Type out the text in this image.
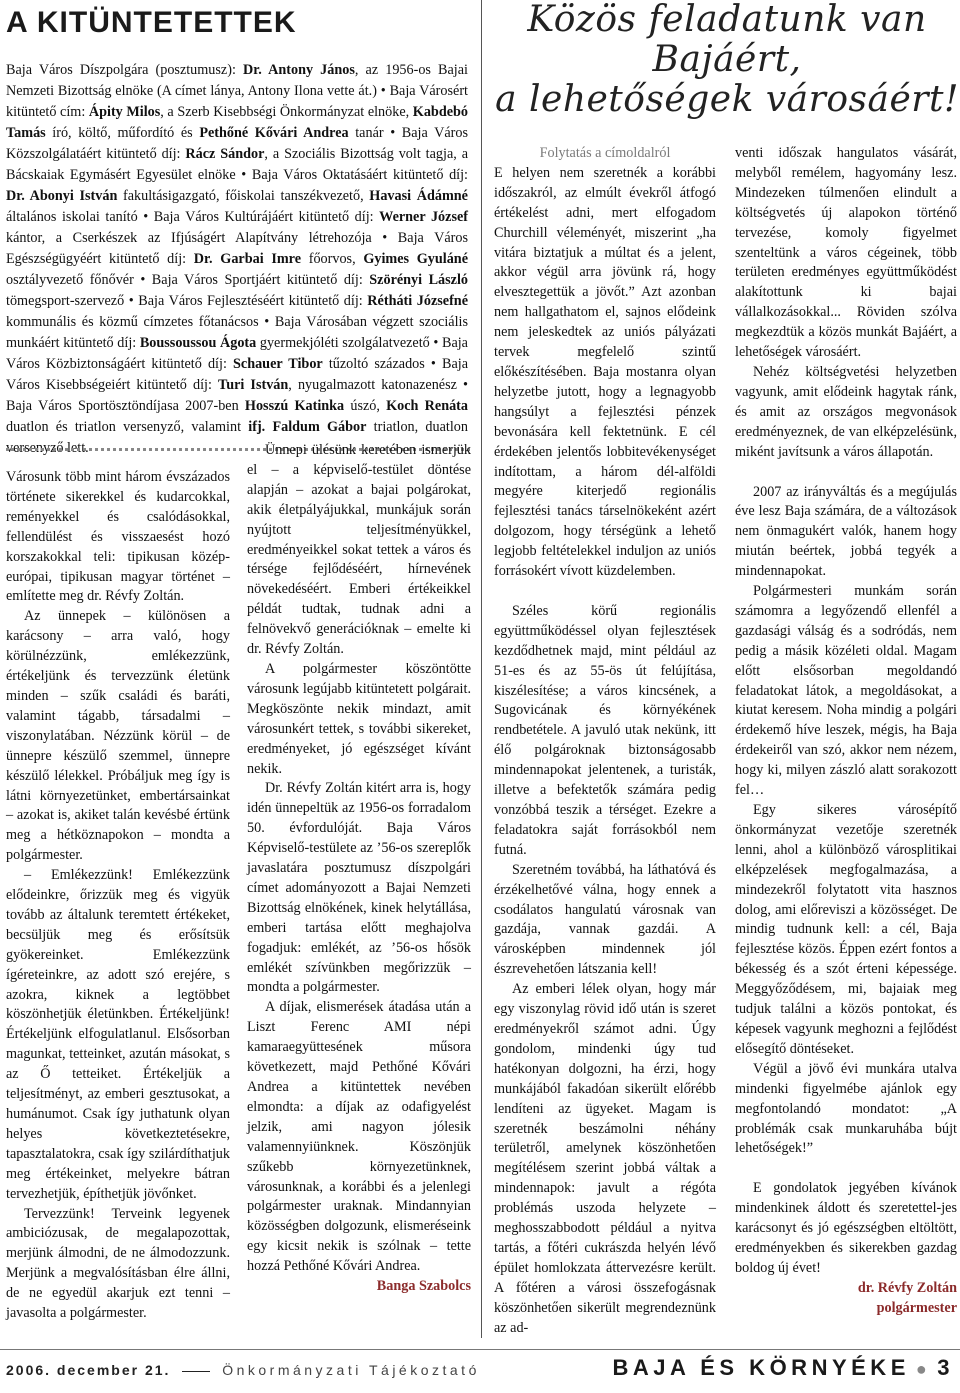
A KITÜNTETETTEK
Baja Város Díszpolgára (posztumusz): Dr. Antony János, az 1956-os Bajai Nemzeti Bizottság elnöke (A címet lánya, Antony Ilona vette át.) • Baja Városért kitüntető cím: Ápity Milos, a Szerb Kisebbségi Önkormányzat elnöke, Kabdebó Tamás író, költő, műfordító és Pethőné Kővári Andrea tanár • Baja Város Közszolgálatáért kitüntető díj: Rácz Sándor, a Szociális Bizottság volt tagja, a Bácskaiak Egymásért Egyesület elnöke • Baja Város Oktatásáért kitüntető díj: Dr. Abonyi István fakultásigazgató, főiskolai tanszékvezető, Havasi Ádámné általános iskolai tanító • Baja Város Kultúrájáért kitüntető díj: Werner József kántor, a Cserkészek az Ifjúságért Alapítvány létrehozója • Baja Város Egészségügyéért kitüntető díj: Dr. Garbai Imre főorvos, Gyimes Gyuláné osztályvezető főnővér • Baja Város Sportjáért kitüntető díj: Szörényi László tömegsport-szervező • Baja Város Fejlesztéséért kitüntető díj: Rétháti Józsefné kommunális és közmű címzetes főtanácsos • Baja Városában végzett szociális munkáért kitüntető díj: Boussoussou Ágota gyermekjóléti szolgálatvezető • Baja Város Közbiztonságáért kitüntető díj: Schauer Tibor tűzoltó százados • Baja Város Kisebbségeiért kitüntető díj: Turi István, nyugalmazott katonazenész • Baja Város Sportösztöndíjasa 2007-ben Hosszú Katinka úszó, Koch Renáta duatlon és triatlon versenyző, valamint ifj. Faldum Gábor triatlon, duatlon versenyző lett.

Városunk több mint három évszázados története sikerekkel és kudarcokkal, reményekkel és csalódásokkal, fellendülést és visszaesést hozó korszakokkal teli: tipikusan közép-európai, tipikusan magyar történet – említette meg dr. Révfy Zoltán.

Az ünnepek – különösen a karácsony – arra való, hogy körülnézzünk, emlékezzünk, értékeljünk és tervezzünk életünk minden – szűk családi és baráti, valamint tágabb, társadalmi – viszonylatában. Nézzünk körül – de ünnepre készülő szemmel, ünnepre készülő lélekkel. Próbáljuk meg így is látni környezetünket, embertársainkat – azokat is, akiket talán kevésbé értünk meg a hétköznapokon – mondta a polgármester.

– Emlékezzünk! Emlékezzünk elődeinkre, őrizzük meg és vigyük tovább az általunk teremtett értékeket, becsüljük meg és erősítsük gyökereinket. Emlékezzünk ígéreteinkre, az adott szó erejére, s azokra, kiknek a legtöbbet köszönhetjük életünkben. Értékeljünk! Értékeljünk elfogulatlanul. Elsősorban magunkat, tetteinket, azután másokat, s az Ő tetteiket. Értékeljük a teljesítményt, az emberi gesztusokat, a humánumot. Csak így juthatunk olyan helyes következtetésekre, tapasztalatokra, csak így szilárdíthatjuk meg értékeinket, melyekre bátran tervezhetjük, építhetjük jövőnket.

Tervezzünk! Terveink legyenek ambiciózusak, de megalapozottak, merjünk álmodni, de ne álmodozzunk. Merjünk a megvalósításban élre állni, de ne egyedül akarjuk ezt tenni – javasolta a polgármester.

Ünnepi ülésünk keretében ismerjük el – a képviselő-testület döntése alapján – azokat a bajai polgárokat, akik életpályájukkal, munkájuk során nyújtott teljesítményükkel, eredményeikkel sokat tettek a város és térsége fejlődéséért, hírnevének növekedéséért. Emberi értékeikkel példát tudtak, tudnak adni a felnövekvő generációknak – emelte ki dr. Révfy Zoltán.

A polgármester köszöntötte városunk legújabb kitüntetett polgárait. Megköszönte nekik mindazt, amit városunkért tettek, s további sikereket, eredményeket, jó egészséget kívánt nekik.

Dr. Révfy Zoltán kitért arra is, hogy idén ünnepeltük az 1956-os forradalom 50. évfordulóját. Baja Város Képviselő-testülete az ’56-os szereplők javaslatára posztumusz díszpolgári címet adományozott a Bajai Nemzeti Bizottság elnökének, kinek helytállása, emberi tartása előtt meghajolva fogadjuk: emlékét, az ’56-os hősök emlékét szívünkben megőrizzük – mondta a polgármester.

A díjak, elismerések átadása után a Liszt Ferenc AMI népi kamaraegyüttesének műsora következett, majd Pethőné Kővári Andrea a kitüntettek nevében elmondta: a díjak az odafigyelést jelzik, ami nagyon jólesik valamennyiünknek. Köszönjük szűkebb környezetünknek, városunknak, a korábbi és a jelenlegi polgármester uraknak. Mindannyian közösségben dolgozunk, elismeréseink egy kicsit nekik is szólnak – tette hozzá Pethőné Kővári Andrea.

Banga Szabolcs

Közös feladatunk van
Bajáért,
a lehetőségek városáért!

Folytatás a címoldalról

E helyen nem szeretnék a korábbi időszakról, az elmúlt évekről átfogó értékelést adni, mert elfogadom Churchill véleményét, miszerint „ha vitára biztatjuk a múltat és a jelent, akkor végül arra jövünk rá, hogy elvesztegettük a jövőt.” Azt azonban nem hallgathatom el, sajnos elődeink nem jeleskedtek az uniós pályázati tervek megfelelő szintű előkészítésében. Baja mostanra olyan helyzetbe jutott, hogy a legnagyobb hangsúlyt a fejlesztési pénzek bevonására kell fektetnünk. E cél érdekében jelentős lobbitevékenységet indítottam, a három dél-alföldi megyére kiterjedő regionális fejlesztési tanács társelnökeként azért dolgozom, hogy térségünk a lehető legjobb feltételekkel induljon az uniós forrásokért vívott küzdelemben.

Széles körű regionális együttműködéssel olyan fejlesztések kezdődhetnek majd, mint például az 51-es és az 55-ös út felújítása, kiszélesítése; a város kincsének, a Sugovicának és környékének rendbetétele. A javuló utak nekünk, itt élő polgároknak biztonságosabb mindennapokat jelentenek, a turisták, illetve a befektetők számára pedig vonzóbbá teszik a térséget. Ezekre a feladatokra saját forrásokból nem futná.

Szeretném továbbá, ha láthatóvá és érzékelhetővé válna, hogy ennek a csodálatos hangulatú városnak van gazdája, vannak gazdái. A városképben mindennek jól észrevehetően látszania kell!

Az emberi lélek olyan, hogy már egy viszonylag rövid idő után is szeret eredményekről számot adni. Úgy gondolom, mindenki úgy tud hatékonyan dolgozni, ha érzi, hogy munkájából fakadóan sikerült előrébb lendíteni az ügyeket. Magam is szeretnék beszámolni néhány területről, amelynek köszönhetően megítélésem szerint jobbá váltak a mindennapok: javult a régóta problémás uszoda helyzete – meghosszabbodott például a nyitva tartás, a főtéri cukrászda helyén lévő épület homlokzata áttervezésre került. A főtéren a városi összefogásnak köszönhetően sikerült megrendeznünk az ad-

venti időszak hangulatos vásárát, melyből remélem, hagyomány lesz. Mindezeken túlmenően elindult a költségvetés új alapokon történő tervezése, komoly figyelmet szenteltünk a város cégeinek, több területen eredményes együttműködést alakítottunk ki bajai vállalkozásokkal... Röviden szólva megkezdtük a közös munkát Bajáért, a lehetőségek városáért.

Nehéz költségvetési helyzetben vagyunk, amit elődeink hagytak ránk, és amit az országos megvonások eredményeznek, de van elképzelésünk, miként javítsunk a város állapotán.

2007 az irányváltás és a megújulás éve lesz Baja számára, de a változások nem önmagukért valók, hanem hogy miután beértek, jobbá tegyék a mindennapokat.

Polgármesteri munkám során számomra a legyőzendő ellenfél a gazdasági válság és a sodródás, nem pedig a másik közéleti oldal. Magam előtt elsősorban megoldandó feladatokat látok, a megoldásokat, a kiutat keresem. Noha mindig a polgári érdekemő híve leszek, mégis, ha Baja érdekeiről van szó, akkor nem nézem, hogy ki, milyen zászló alatt sorakozott fel…

Egy sikeres városépítő önkormányzat vezetője szeretnék lenni, ahol a különböző városplitikai elképzelések megfogalmazása, a mindezekről folytatott vita hasznos dolog, ami előreviszi a közösséget. De mindig tudnunk kell: a cél, Baja fejlesztése közös. Éppen ezért fontos a békesség és a szót érteni képessége. Meggyőződésem, mi, bajaiak meg tudjuk találni a közös pontokat, és képesek vagyunk meghozni a fejlődést elősegítő döntéseket.

Végül a jövő évi munkára utalva mindenki figyelmébe ajánlok egy megfontolandó mondatot: „A problémák csak munkaruhába bújt lehetőségek!”

E gondolatok jegyében kívánok mindenkinek áldott és szeretettel-jes karácsonyt és jó egészségben eltöltött, eredményekben és sikerekben gazdag boldog új évet!

dr. Révfy Zoltán

polgármester

2006. december 21.	Önkormányzati Tájékoztató	BAJA ÉS KÖRNYÉKE ● 3
